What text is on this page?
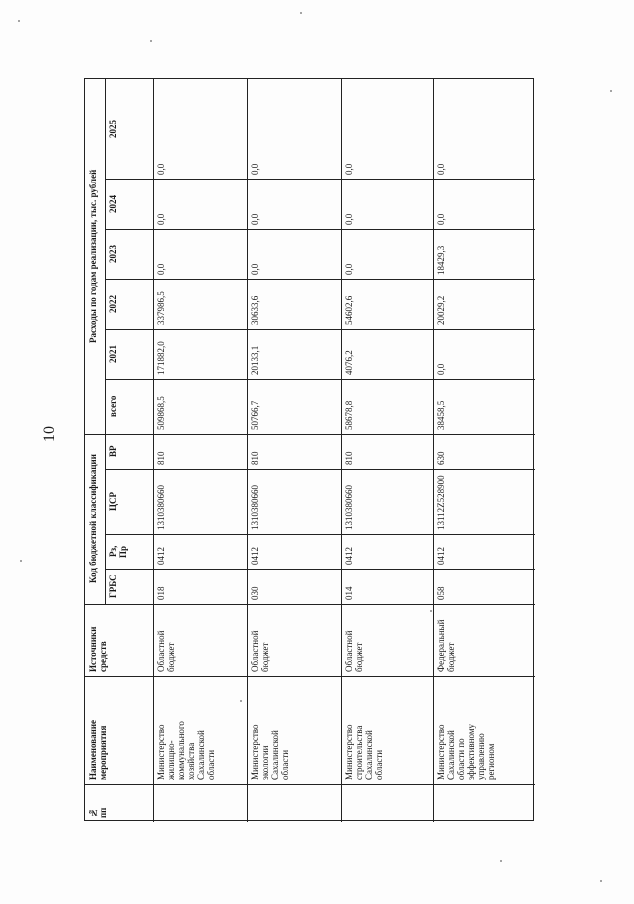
10
№
пп
Наименование
мероприятия
Источники
средств
Код бюджетной классификации
Расходы по годам реализации, тыс. рублей
ГРБС
Рз,
Пр
ЦСР
ВР
всего
2021
2022
2023
2024
2025
Министерство
жилищно-
коммунального
хозяйства
Сахалинской
области
Областной
бюджет
018
0412
1310380660
810
509868,5
171882,0
337986,5
0,0
0,0
0,0
Министерство
экологии
Сахалинской
области
Областной
бюджет
030
0412
1310380660
810
50766,7
20133,1
30633,6
0,0
0,0
0,0
Министерство
строительства
Сахалинской
области
Областной
бюджет
014
0412
1310380660
810
58678,8
4076,2
54602,6
0,0
0,0
0,0
Министерство
Сахалинской
области по
эффективному
управлению
регионом
Федеральный
бюджет
058
0412
13112Z528900
630
38458,5
0,0
20029,2
18429,3
0,0
0,0
